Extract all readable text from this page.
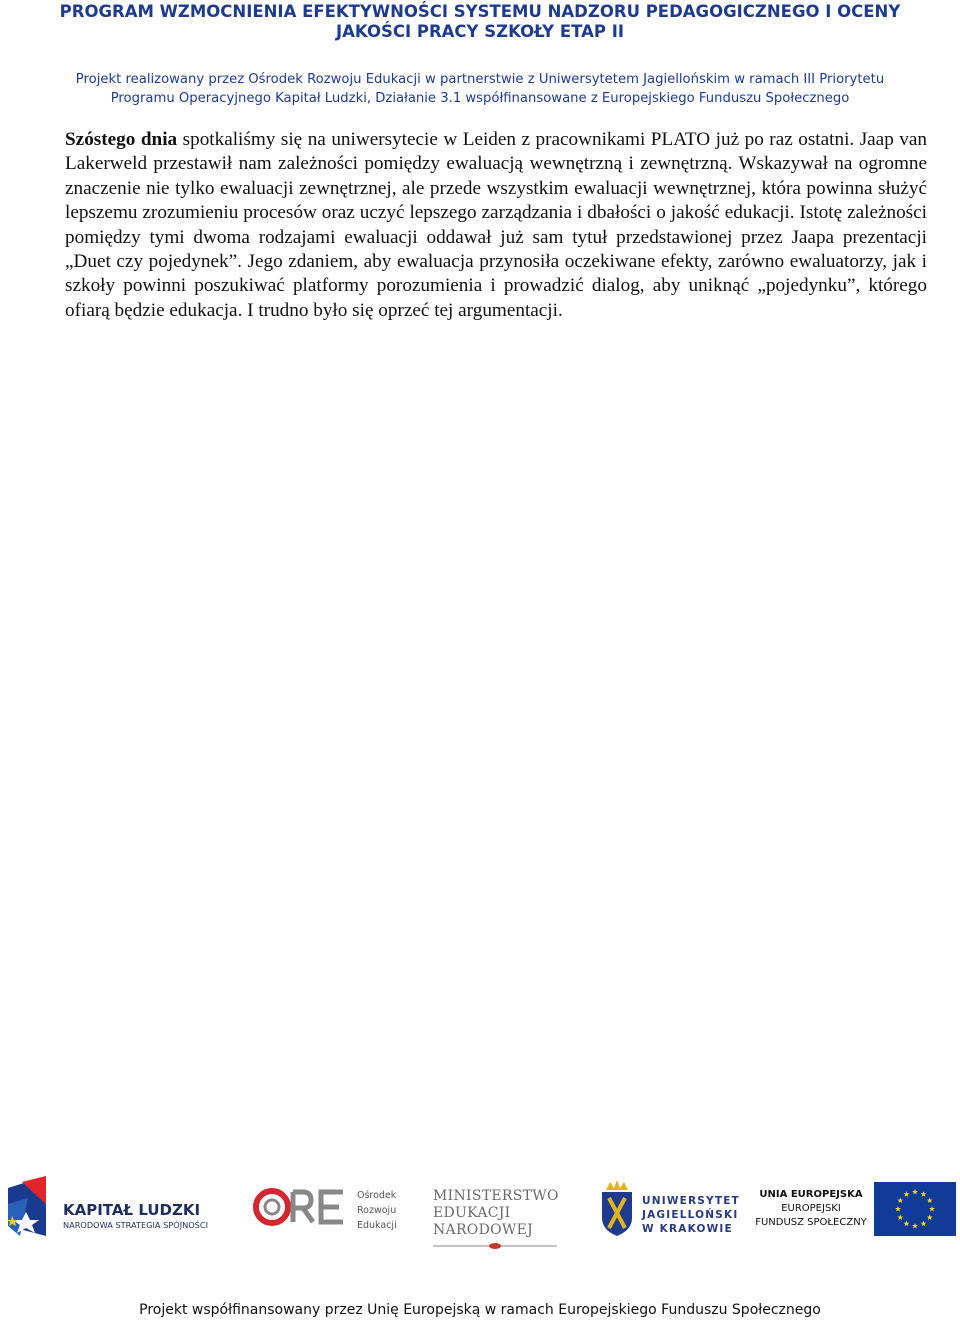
PROGRAM WZMOCNIENIA EFEKTYWNOŚCI SYSTEMU NADZORU PEDAGOGICZNEGO I OCENY
JAKOŚCI PRACY SZKOŁY ETAP II
Projekt realizowany przez Ośrodek Rozwoju Edukacji w partnerstwie z Uniwersytetem Jagiellońskim w ramach III Priorytetu
Programu Operacyjnego Kapitał Ludzki, Działanie 3.1 współfinansowane z Europejskiego Funduszu Społecznego
Szóstego dnia spotkaliśmy się na uniwersytecie w Leiden z pracownikami PLATO już po raz ostatni. Jaap van Lakerweld przestawił nam zależności pomiędzy ewaluacją wewnętrzną i zewnętrzną. Wskazywał na ogromne znaczenie nie tylko ewaluacji zewnętrznej, ale przede wszystkim ewaluacji wewnętrznej, która powinna służyć lepszemu zrozumieniu procesów oraz uczyć lepszego zarządzania i dbałości o jakość edukacji. Istotę zależności pomiędzy tymi dwoma rodzajami ewaluacji oddawał już sam tytuł przedstawionej przez Jaapa prezentacji „Duet czy pojedynek”. Jego zdaniem, aby ewaluacja przynosiła oczekiwane efekty, zarówno ewaluatorzy, jak i szkoły powinni poszukiwać platformy porozumienia i prowadzić dialog, aby uniknąć „pojedynku”, którego ofiarą będzie edukacja. I trudno było się oprzeć tej argumentacji.
KAPITAŁ LUDZKI
NARODOWA STRATEGIA SPÓJNOŚCI
Ośrodek
Rozwoju
Edukacji
MINISTERSTWO
EDUKACJI
NARODOWEJ
UNIWERSYTET
JAGIELLOŃSKI
W KRAKOWIE
UNIA EUROPEJSKA
EUROPEJSKI
FUNDUSZ SPOŁECZNY
Projekt współfinansowany przez Unię Europejską w ramach Europejskiego Funduszu Społecznego
